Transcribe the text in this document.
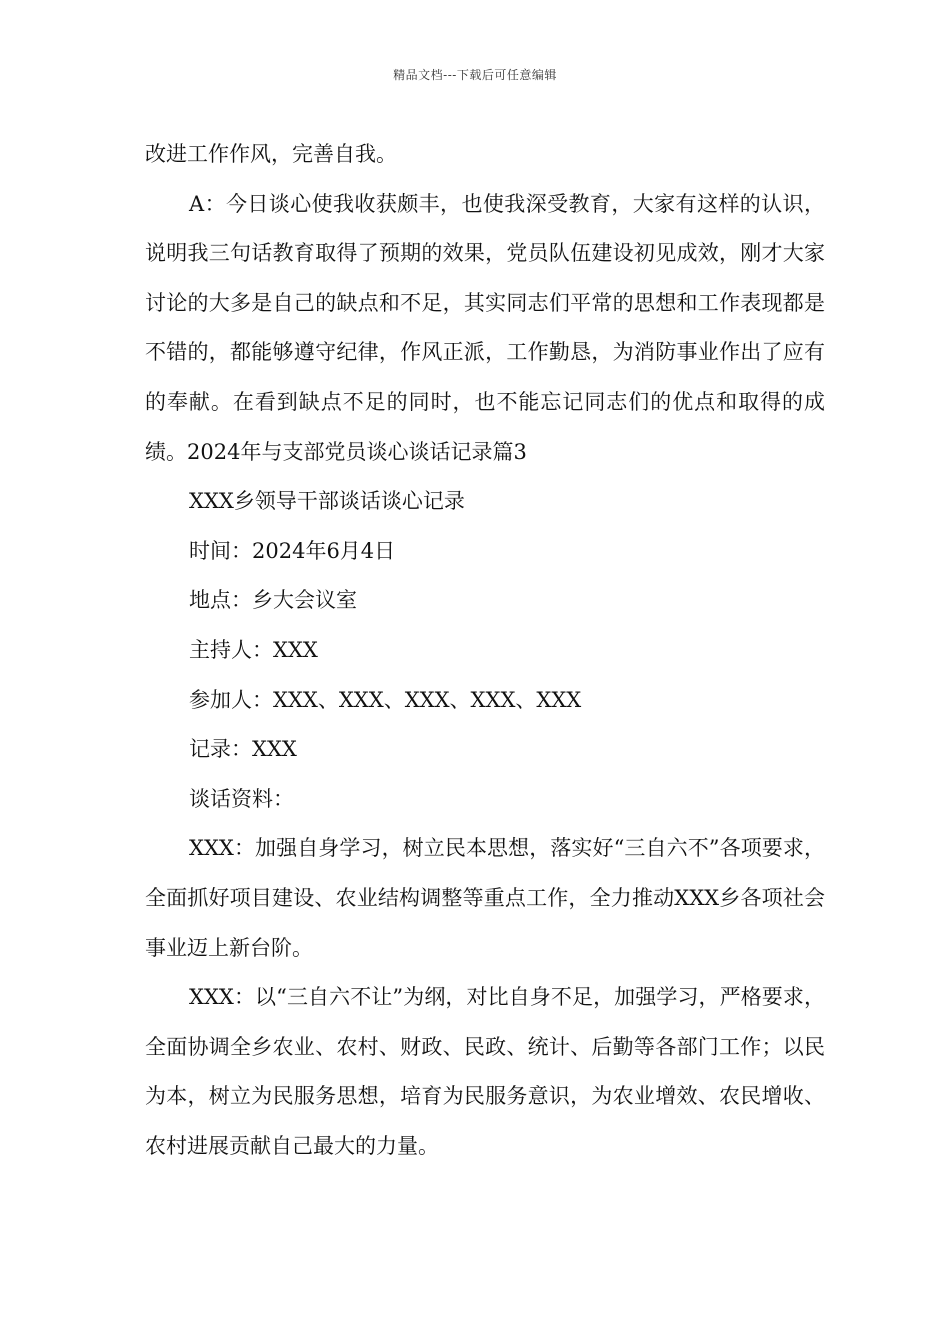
精品文档---下载后可任意编辑

改进工作作风，完善自我。

A：今日谈心使我收获颇丰，也使我深受教育，大家有这样的认识，说明我三句话教育取得了预期的效果，党员队伍建设初见成效，刚才大家讨论的大多是自己的缺点和不足，其实同志们平常的思想和工作表现都是不错的，都能够遵守纪律，作风正派，工作勤恳，为消防事业作出了应有的奉献。在看到缺点不足的同时，也不能忘记同志们的优点和取得的成绩。2024年与支部党员谈心谈话记录篇3

XXX乡领导干部谈话谈心记录

时间：2024年6月4日

地点：乡大会议室

主持人：XXX

参加人：XXX、XXX、XXX、XXX、XXX

记录：XXX

谈话资料：

XXX：加强自身学习，树立民本思想，落实好“三自六不”各项要求，全面抓好项目建设、农业结构调整等重点工作，全力推动XXX乡各项社会事业迈上新台阶。

XXX：以“三自六不让”为纲，对比自身不足，加强学习，严格要求，全面协调全乡农业、农村、财政、民政、统计、后勤等各部门工作；以民为本，树立为民服务思想，培育为民服务意识，为农业增效、农民增收、农村进展贡献自己最大的力量。
